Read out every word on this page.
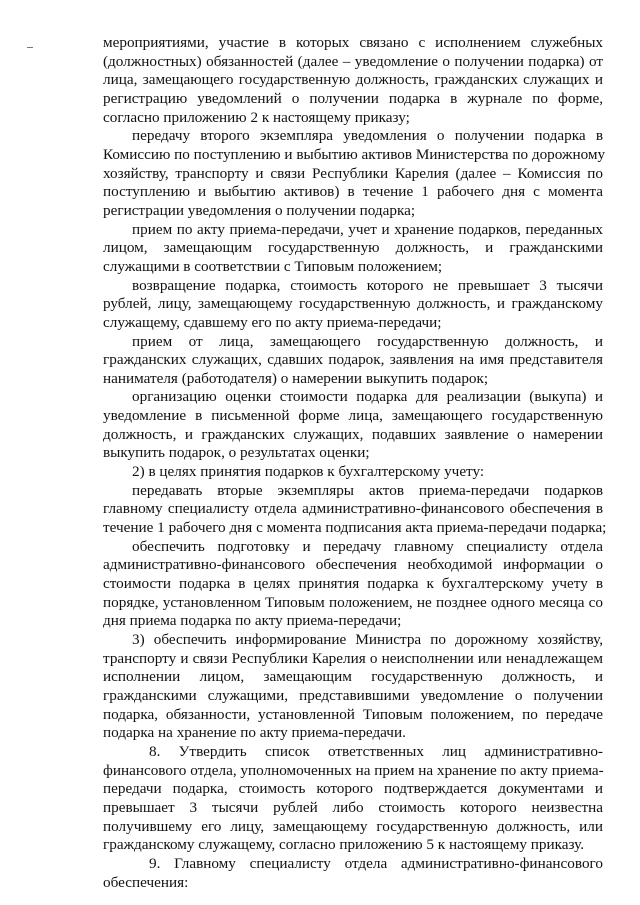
мероприятиями, участие в которых связано с исполнением служебных
(должностных) обязанностей (далее – уведомление о получении подарка) от
лица, замещающего государственную должность, гражданских служащих и
регистрацию уведомлений о получении подарка в журнале по форме,
согласно приложению 2 к настоящему приказу;
передачу второго экземпляра уведомления о получении подарка в
Комиссию по поступлению и выбытию активов Министерства по дорожному
хозяйству, транспорту и связи Республики Карелия (далее – Комиссия по
поступлению и выбытию активов) в течение 1 рабочего дня с момента
регистрации уведомления о получении подарка;
прием по акту приема-передачи, учет и хранение подарков, переданных
лицом, замещающим государственную должность, и гражданскими
служащими в соответствии с Типовым положением;
возвращение подарка, стоимость которого не превышает 3 тысячи
рублей, лицу, замещающему государственную должность, и гражданскому
служащему, сдавшему его по акту приема-передачи;
прием от лица, замещающего государственную должность, и
гражданских служащих, сдавших подарок, заявления на имя представителя
нанимателя (работодателя) о намерении выкупить подарок;
организацию оценки стоимости подарка для реализации (выкупа) и
уведомление в письменной форме лица, замещающего государственную
должность, и гражданских служащих, подавших заявление о намерении
выкупить подарок, о результатах оценки;
2) в целях принятия подарков к бухгалтерскому учету:
передавать вторые экземпляры актов приема-передачи подарков
главному специалисту отдела административно-финансового обеспечения в
течение 1 рабочего дня с момента подписания акта приема-передачи подарка;
обеспечить подготовку и передачу главному специалисту отдела
административно-финансового обеспечения необходимой информации о
стоимости подарка в целях принятия подарка к бухгалтерскому учету в
порядке, установленном Типовым положением, не позднее одного месяца со
дня приема подарка по акту приема-передачи;
3) обеспечить информирование Министра по дорожному хозяйству,
транспорту и связи Республики Карелия о неисполнении или ненадлежащем
исполнении лицом, замещающим государственную должность, и
гражданскими служащими, представившими уведомление о получении
подарка, обязанности, установленной Типовым положением, по передаче
подарка на хранение по акту приема-передачи.
8. Утвердить список ответственных лиц административно-
финансового отдела, уполномоченных на прием на хранение по акту приема-
передачи подарка, стоимость которого подтверждается документами и
превышает 3 тысячи рублей либо стоимость которого неизвестна
получившему его лицу, замещающему государственную должность, или
гражданскому служащему, согласно приложению 5 к настоящему приказу.
9. Главному специалисту отдела административно-финансового
обеспечения:
